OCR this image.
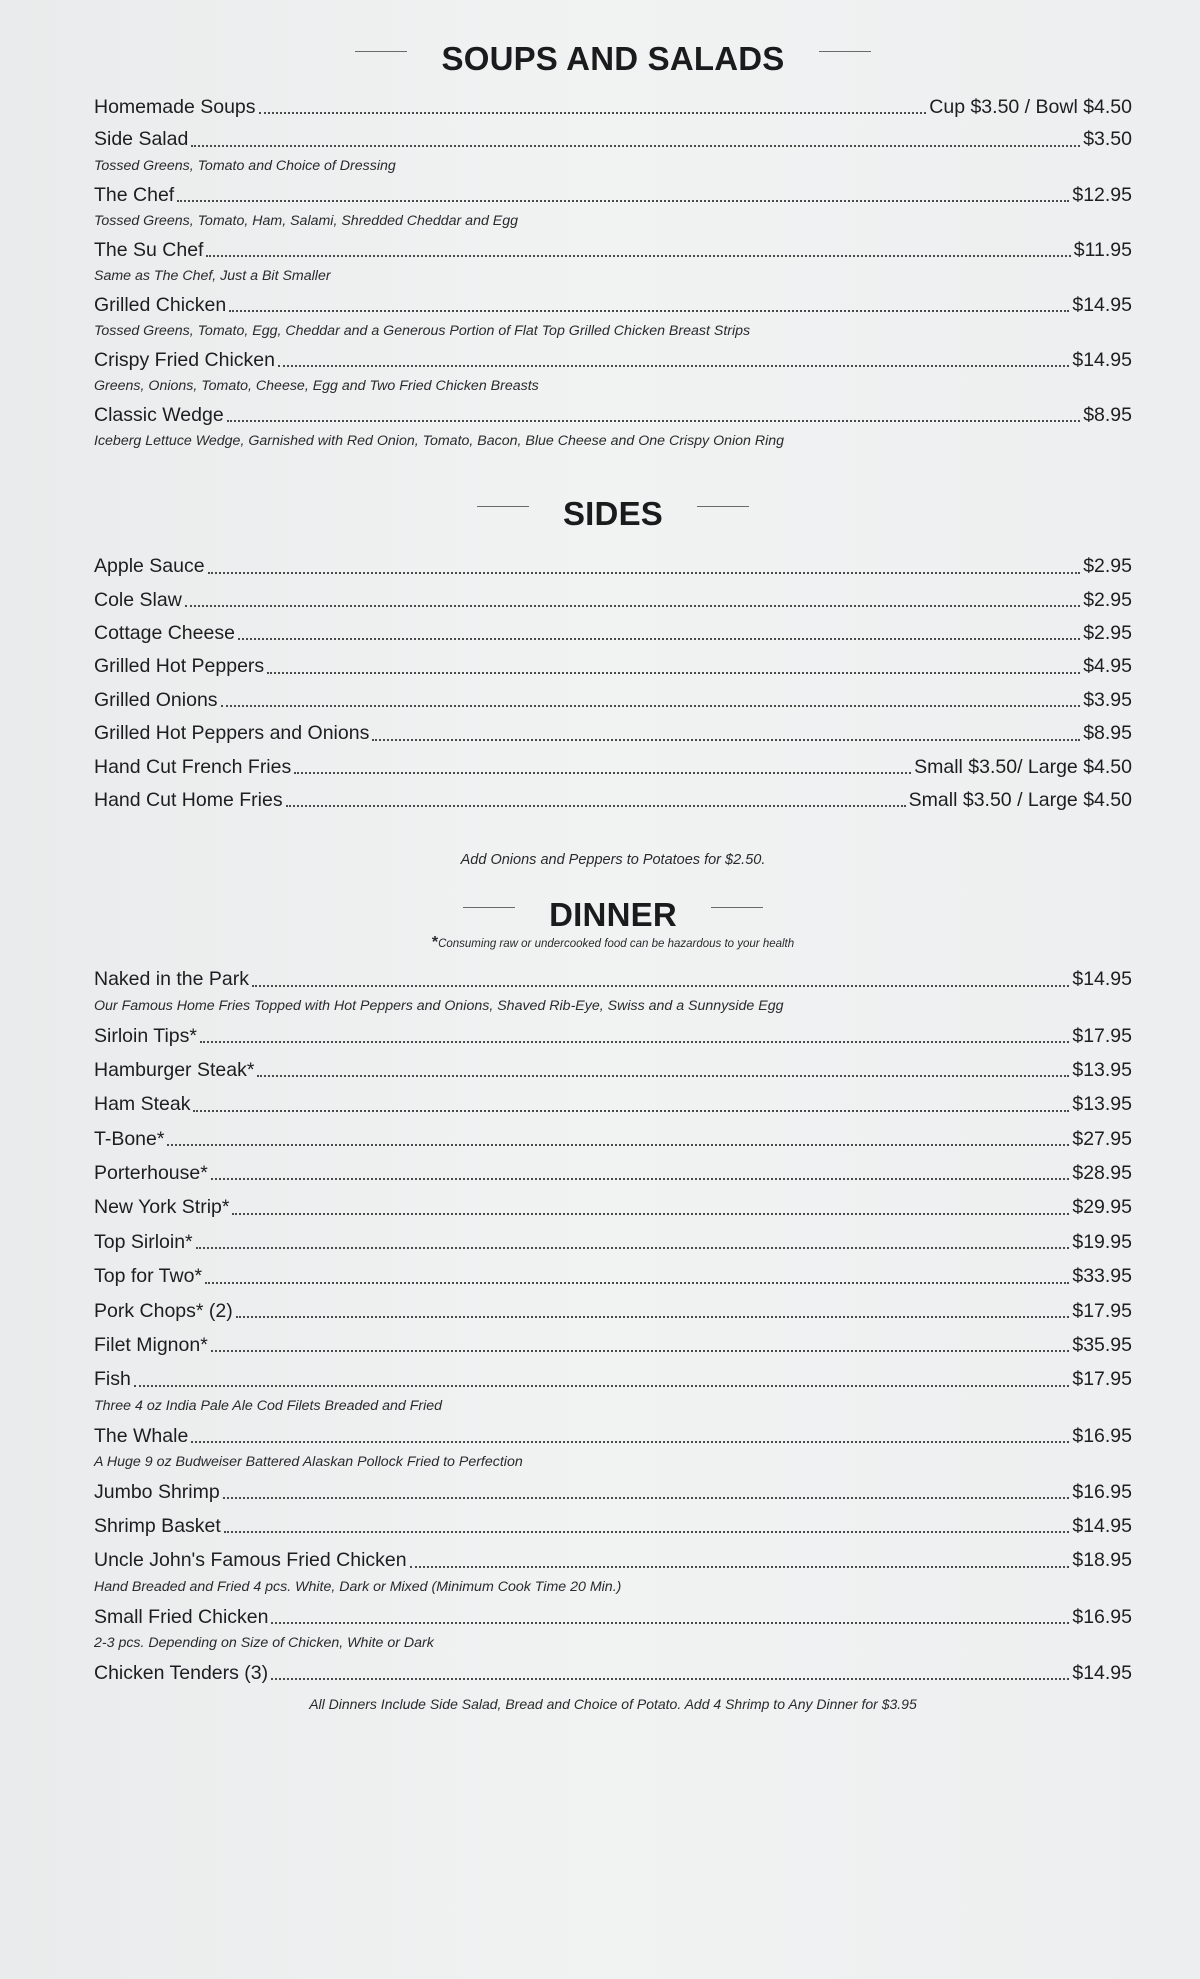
SOUPS AND SALADS
Homemade Soups	Cup $3.50 / Bowl $4.50
Side Salad	$3.50
Tossed Greens, Tomato and Choice of Dressing
The Chef	$12.95
Tossed Greens, Tomato, Ham, Salami, Shredded Cheddar and Egg
The Su Chef	$11.95
Same as The Chef, Just a Bit Smaller
Grilled Chicken	$14.95
Tossed Greens, Tomato, Egg, Cheddar and a Generous Portion of Flat Top Grilled Chicken Breast Strips
Crispy Fried Chicken	$14.95
Greens, Onions, Tomato, Cheese, Egg and Two Fried Chicken Breasts
Classic Wedge	$8.95
Iceberg Lettuce Wedge, Garnished with Red Onion, Tomato, Bacon, Blue Cheese and One Crispy Onion Ring
SIDES
Apple Sauce	$2.95
Cole Slaw	$2.95
Cottage Cheese	$2.95
Grilled Hot Peppers	$4.95
Grilled Onions	$3.95
Grilled Hot Peppers and Onions	$8.95
Hand Cut French Fries	Small $3.50/ Large $4.50
Hand Cut Home Fries	Small $3.50 / Large $4.50
Add Onions and Peppers to Potatoes for $2.50.
DINNER
*Consuming raw or undercooked food can be hazardous to your health
Naked in the Park	$14.95
Our Famous Home Fries Topped with Hot Peppers and Onions, Shaved Rib-Eye, Swiss and a Sunnyside Egg
Sirloin Tips*	$17.95
Hamburger Steak*	$13.95
Ham Steak	$13.95
T-Bone*	$27.95
Porterhouse*	$28.95
New York Strip*	$29.95
Top Sirloin*	$19.95
Top for Two*	$33.95
Pork Chops* (2)	$17.95
Filet Mignon*	$35.95
Fish	$17.95
Three 4 oz India Pale Ale Cod Filets Breaded and Fried
The Whale	$16.95
A Huge 9 oz Budweiser Battered Alaskan Pollock Fried to Perfection
Jumbo Shrimp	$16.95
Shrimp Basket	$14.95
Uncle John's Famous Fried Chicken	$18.95
Hand Breaded and Fried 4 pcs. White, Dark or Mixed (Minimum Cook Time 20 Min.)
Small Fried Chicken	$16.95
2-3 pcs. Depending on Size of Chicken, White or Dark
Chicken Tenders (3)	$14.95
All Dinners Include Side Salad, Bread and Choice of Potato. Add 4 Shrimp to Any Dinner for $3.95
